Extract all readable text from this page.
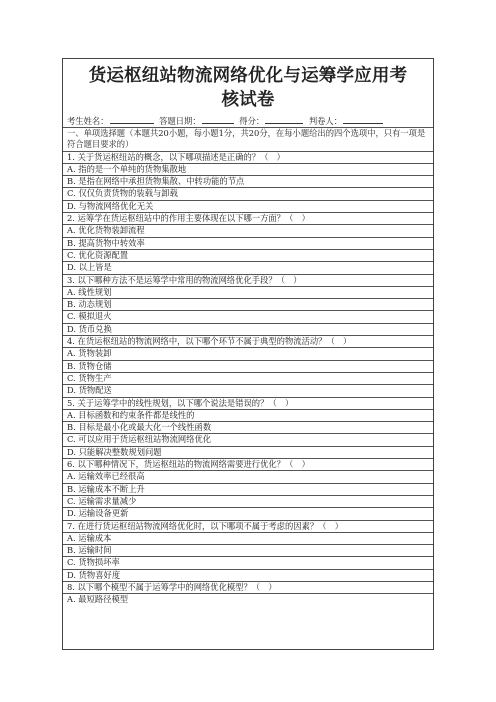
货运枢纽站物流网络优化与运筹学应用考
核试卷
考生姓名：	答题日期：	得分：	判卷人：
一、单项选择题（本题共20小题，每小题1分，共20分，在每小题给出的四个选项中，只有一项是符合题目要求的）
1. 关于货运枢纽站的概念，以下哪项描述是正确的？（　）
A. 指的是一个单纯的货物集散地
B. 是指在网络中承担货物集散、中转功能的节点
C. 仅仅负责货物的装载与卸载
D. 与物流网络优化无关
2. 运筹学在货运枢纽站中的作用主要体现在以下哪一方面？（　）
A. 优化货物装卸流程
B. 提高货物中转效率
C. 优化资源配置
D. 以上皆是
3. 以下哪种方法不是运筹学中常用的物流网络优化手段？（　）
A. 线性规划
B. 动态规划
C. 模拟退火
D. 货币兑换
4. 在货运枢纽站的物流网络中，以下哪个环节不属于典型的物流活动？（　）
A. 货物装卸
B. 货物仓储
C. 货物生产
D. 货物配送
5. 关于运筹学中的线性规划，以下哪个说法是错误的？（　）
A. 目标函数和约束条件都是线性的
B. 目标是最小化或最大化一个线性函数
C. 可以应用于货运枢纽站物流网络优化
D. 只能解决整数规划问题
6. 以下哪种情况下，货运枢纽站的物流网络需要进行优化？（　）
A. 运输效率已经很高
B. 运输成本不断上升
C. 运输需求量减少
D. 运输设备更新
7. 在进行货运枢纽站物流网络优化时，以下哪项不属于考虑的因素？（　）
A. 运输成本
B. 运输时间
C. 货物损坏率
D. 货物喜好度
8. 以下哪个模型不属于运筹学中的网络优化模型？（　）
A. 最短路径模型
